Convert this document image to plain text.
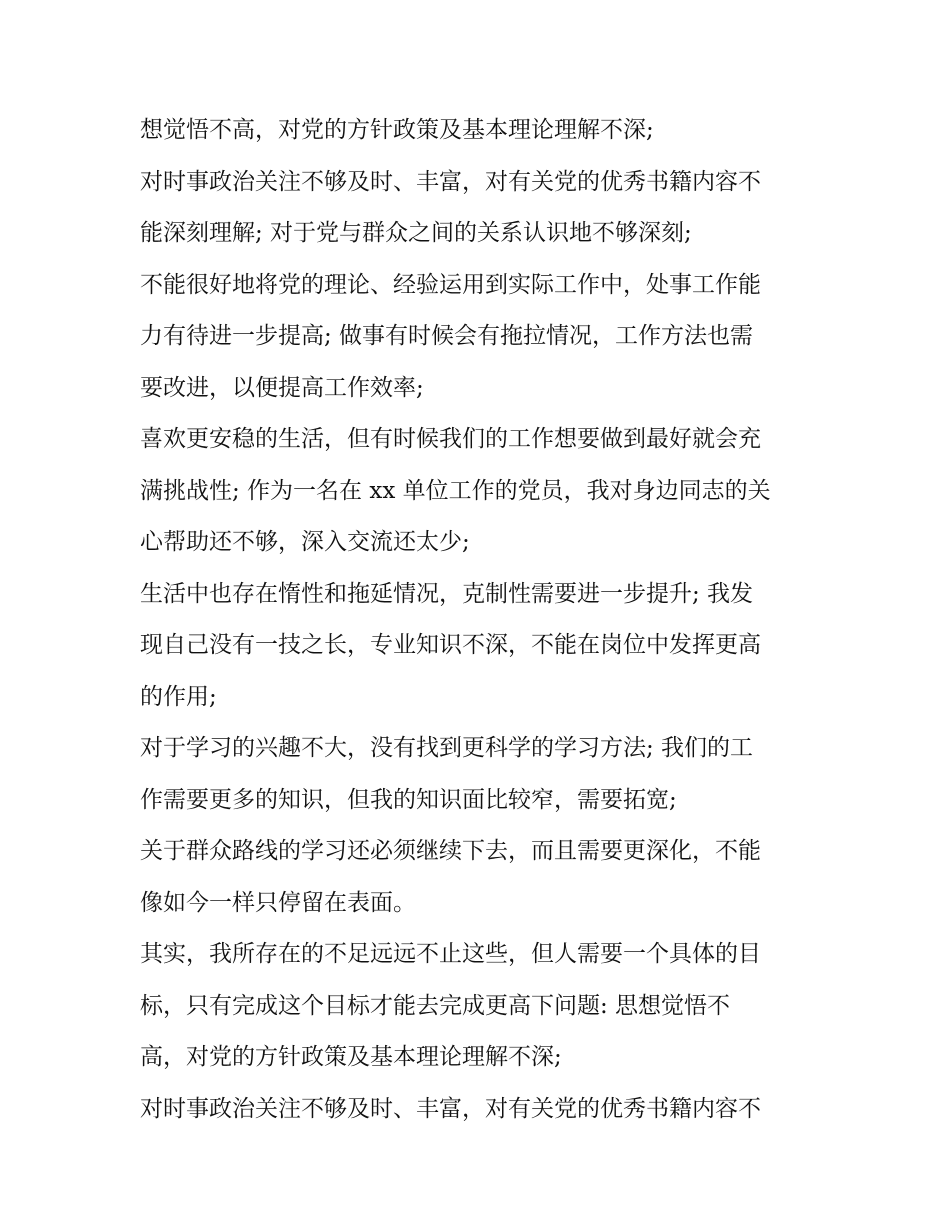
想觉悟不高，对党的方针政策及基本理论理解不深;
对时事政治关注不够及时、丰富，对有关党的优秀书籍内容不
能深刻理解; 对于党与群众之间的关系认识地不够深刻;
不能很好地将党的理论、经验运用到实际工作中，处事工作能
力有待进一步提高; 做事有时候会有拖拉情况，工作方法也需
要改进，以便提高工作效率;
喜欢更安稳的生活，但有时候我们的工作想要做到最好就会充
满挑战性; 作为一名在 xx 单位工作的党员，我对身边同志的关
心帮助还不够，深入交流还太少;
生活中也存在惰性和拖延情况，克制性需要进一步提升; 我发
现自己没有一技之长，专业知识不深，不能在岗位中发挥更高
的作用;
对于学习的兴趣不大，没有找到更科学的学习方法; 我们的工
作需要更多的知识，但我的知识面比较窄，需要拓宽;
关于群众路线的学习还必须继续下去，而且需要更深化，不能
像如今一样只停留在表面。
其实，我所存在的不足远远不止这些，但人需要一个具体的目
标，只有完成这个目标才能去完成更高下问题: 思想觉悟不
高，对党的方针政策及基本理论理解不深;
对时事政治关注不够及时、丰富，对有关党的优秀书籍内容不
